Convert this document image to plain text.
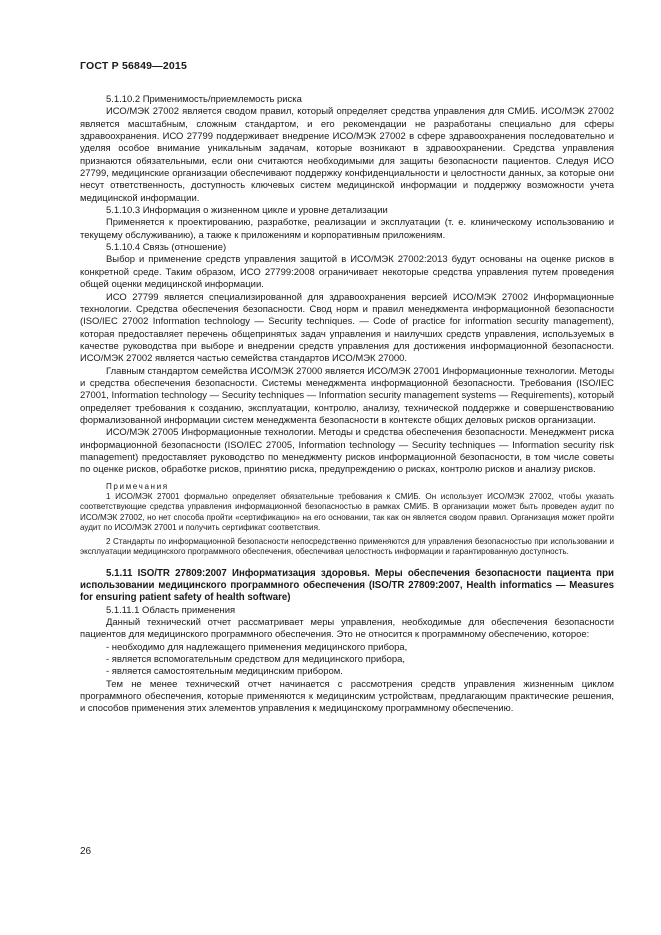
ГОСТ Р 56849—2015

5.1.10.2 Применимость/приемлемость риска

ИСО/МЭК 27002 является сводом правил, который определяет средства управления для СМИБ. ИСО/МЭК 27002 является масштабным, сложным стандартом, и его рекомендации не разработаны специально для сферы здравоохранения. ИСО 27799 поддерживает внедрение ИСО/МЭК 27002 в сфере здравоохранения последовательно и уделяя особое внимание уникальным задачам, которые возникают в здравоохранении. Средства управления признаются обязательными, если они считаются необходимыми для защиты безопасности пациентов. Следуя ИСО 27799, медицинские организации обеспечивают поддержку конфиденциальности и целостности данных, за которые они несут ответственность, доступность ключевых систем медицинской информации и поддержку возможности учета медицинской информации.

5.1.10.3 Информация о жизненном цикле и уровне детализации

Применяется к проектированию, разработке, реализации и эксплуатации (т. е. клиническому использованию и текущему обслуживанию), а также к приложениям и корпоративным приложениям.

5.1.10.4 Связь (отношение)

Выбор и применение средств управления защитой в ИСО/МЭК 27002:2013 будут основаны на оценке рисков в конкретной среде. Таким образом, ИСО 27799:2008 ограничивает некоторые средства управления путем проведения общей оценки медицинской информации.

ИСО 27799 является специализированной для здравоохранения версией ИСО/МЭК 27002 Информационные технологии. Средства обеспечения безопасности. Свод норм и правил менеджмента информационной безопасности (ISO/IEC 27002 Information technology — Security techniques. — Code of practice for information security management), которая предоставляет перечень общепринятых задач управления и наилучших средств управления, используемых в качестве руководства при выборе и внедрении средств управления для достижения информационной безопасности. ИСО/МЭК 27002 является частью семейства стандартов ИСО/МЭК 27000.

Главным стандартом семейства ИСО/МЭК 27000 является ИСО/МЭК 27001 Информационные технологии. Методы и средства обеспечения безопасности. Системы менеджмента информационной безопасности. Требования (ISO/IEC 27001, Information technology — Security techniques — Information security management systems — Requirements), который определяет требования к созданию, эксплуатации, контролю, анализу, технической поддержке и совершенствованию формализованной информации систем менеджмента безопасности в контексте общих деловых рисков организации.

ИСО/МЭК 27005 Информационные технологии. Методы и средства обеспечения безопасности. Менеджмент риска информационной безопасности (ISO/IEC 27005, Information technology — Security techniques — Information security risk management) предоставляет руководство по менеджменту рисков информационной безопасности, в том числе советы по оценке рисков, обработке рисков, принятию риска, предупреждению о рисках, контролю рисков и анализу рисков.

Примечания

1 ИСО/МЭК 27001 формально определяет обязательные требования к СМИБ. Он использует ИСО/МЭК 27002, чтобы указать соответствующие средства управления информационной безопасностью в рамках СМИБ. В организации может быть проведен аудит по ИСО/МЭК 27002, но нет способа пройти «сертификацию» на его основании, так как он является сводом правил. Организация может пройти аудит по ИСО/МЭК 27001 и получить сертификат соответствия.

2 Стандарты по информационной безопасности непосредственно применяются для управления безопасностью при использовании и эксплуатации медицинского программного обеспечения, обеспечивая целостность информации и гарантированную доступность.

5.1.11 ISO/TR 27809:2007 Информатизация здоровья. Меры обеспечения безопасности пациента при использовании медицинского программного обеспечения (ISO/TR 27809:2007, Health informatics — Measures for ensuring patient safety of health software)

5.1.11.1 Область применения

Данный технический отчет рассматривает меры управления, необходимые для обеспечения безопасности пациентов для медицинского программного обеспечения. Это не относится к программному обеспечению, которое:

- необходимо для надлежащего применения медицинского прибора,

- является вспомогательным средством для медицинского прибора,

- является самостоятельным медицинским прибором.

Тем не менее технический отчет начинается с рассмотрения средств управления жизненным циклом программного обеспечения, которые применяются к медицинским устройствам, предлагающим практические решения, и способов применения этих элементов управления к медицинскому программному обеспечению.

26
